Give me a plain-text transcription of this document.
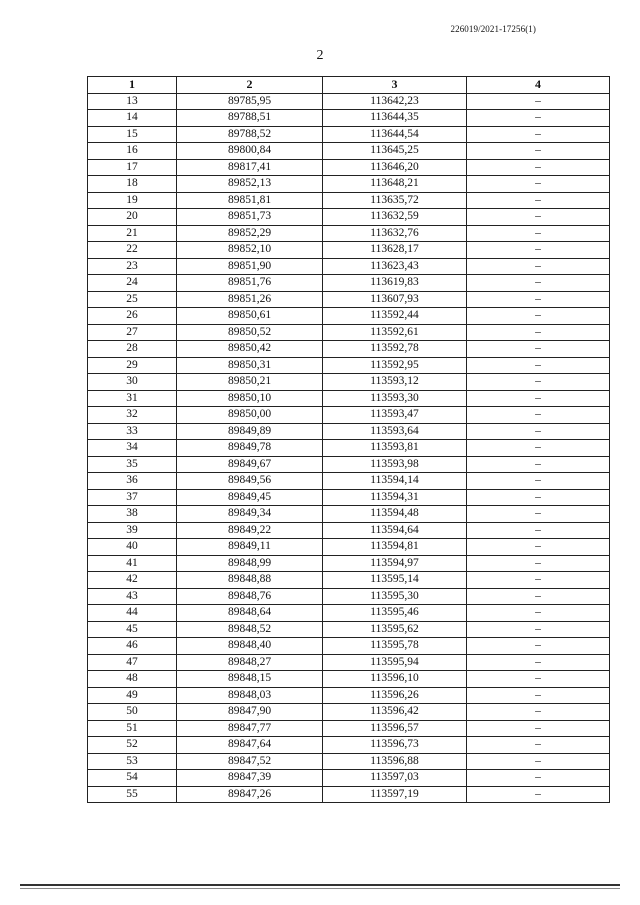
226019/2021-17256(1)
2
1	2	3	4
13	89785,95	113642,23	–
14	89788,51	113644,35	–
15	89788,52	113644,54	–
16	89800,84	113645,25	–
17	89817,41	113646,20	–
18	89852,13	113648,21	–
19	89851,81	113635,72	–
20	89851,73	113632,59	–
21	89852,29	113632,76	–
22	89852,10	113628,17	–
23	89851,90	113623,43	–
24	89851,76	113619,83	–
25	89851,26	113607,93	–
26	89850,61	113592,44	–
27	89850,52	113592,61	–
28	89850,42	113592,78	–
29	89850,31	113592,95	–
30	89850,21	113593,12	–
31	89850,10	113593,30	–
32	89850,00	113593,47	–
33	89849,89	113593,64	–
34	89849,78	113593,81	–
35	89849,67	113593,98	–
36	89849,56	113594,14	–
37	89849,45	113594,31	–
38	89849,34	113594,48	–
39	89849,22	113594,64	–
40	89849,11	113594,81	–
41	89848,99	113594,97	–
42	89848,88	113595,14	–
43	89848,76	113595,30	–
44	89848,64	113595,46	–
45	89848,52	113595,62	–
46	89848,40	113595,78	–
47	89848,27	113595,94	–
48	89848,15	113596,10	–
49	89848,03	113596,26	–
50	89847,90	113596,42	–
51	89847,77	113596,57	–
52	89847,64	113596,73	–
53	89847,52	113596,88	–
54	89847,39	113597,03	–
55	89847,26	113597,19	–
